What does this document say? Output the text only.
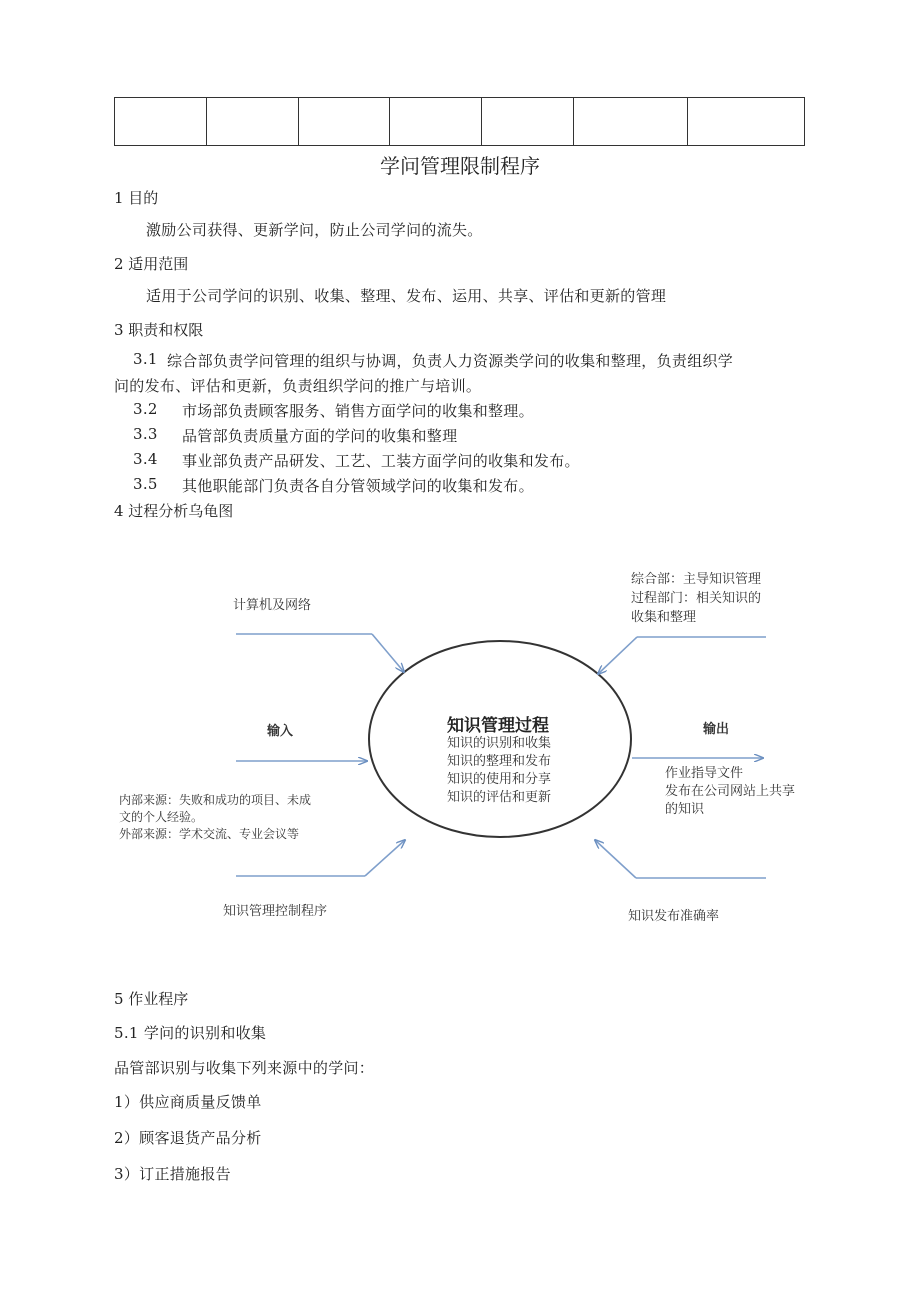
学问管理限制程序
1 目的
激励公司获得、更新学问，防止公司学问的流失。
2 适用范围
适用于公司学问的识别、收集、整理、发布、运用、共享、评估和更新的管理
3 职责和权限
3.1 综合部负责学问管理的组织与协调，负责人力资源类学问的收集和整理，负责组织学
问的发布、评估和更新，负责组织学问的推广与培训。
3.2 市场部负责顾客服务、销售方面学问的收集和整理。
3.3 品管部负责质量方面的学问的收集和整理
3.4 事业部负责产品研发、工艺、工装方面学问的收集和发布。
3.5 其他职能部门负责各自分管领域学问的收集和发布。
4 过程分析乌龟图
计算机及网络
综合部：主导知识管理
过程部门：相关知识的
收集和整理
输入
内部来源：失败和成功的项目、未成
文的个人经验。
外部来源：学术交流、专业会议等
输出
作业指导文件
发布在公司网站上共享
的知识
知识管理过程
知识的识别和收集
知识的整理和发布
知识的使用和分享
知识的评估和更新
知识管理控制程序	知识发布准确率
5 作业程序
5.1 学问的识别和收集
品管部识别与收集下列来源中的学问：
1）供应商质量反馈单
2）顾客退货产品分析
3）订正措施报告
